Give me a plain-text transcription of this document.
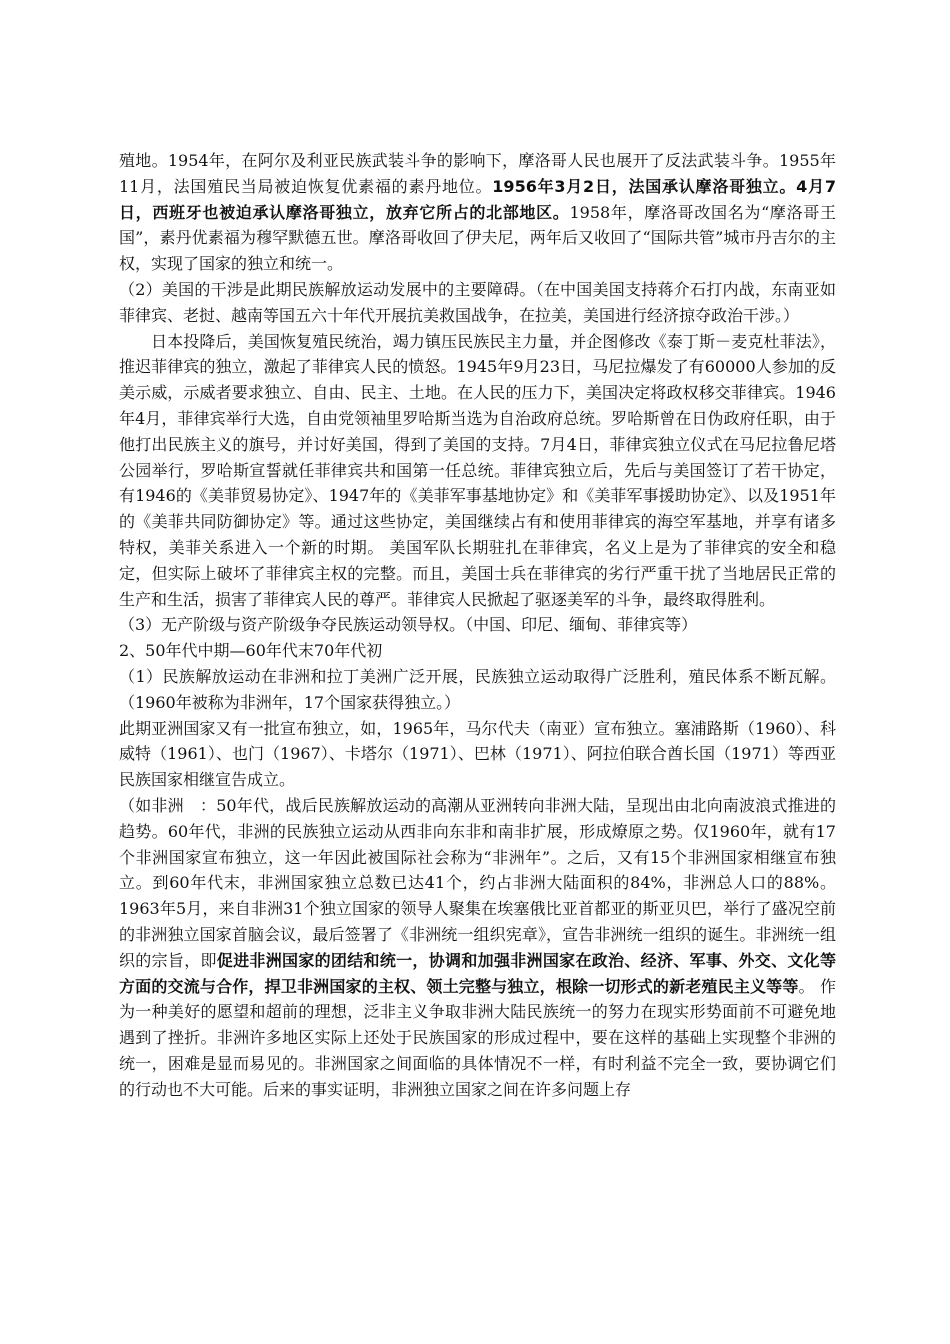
殖地。1954年，在阿尔及利亚民族武装斗争的影响下，摩洛哥人民也展开了反法武装斗争。1955年11月，法国殖民当局被迫恢复优素福的素丹地位。1956年3月2日，法国承认摩洛哥独立。4月7日，西班牙也被迫承认摩洛哥独立，放弃它所占的北部地区。1958年，摩洛哥改国名为“摩洛哥王国”，素丹优素福为穆罕默德五世。摩洛哥收回了伊夫尼，两年后又收回了“国际共管”城市丹吉尔的主权，实现了国家的独立和统一。

（2）美国的干涉是此期民族解放运动发展中的主要障碍。（在中国美国支持蒋介石打内战，东南亚如菲律宾、老挝、越南等国五六十年代开展抗美救国战争，在拉美，美国进行经济掠夺政治干涉。）

日本投降后，美国恢复殖民统治，竭力镇压民族民主力量，并企图修改《泰丁斯－麦克杜菲法》，推迟菲律宾的独立，激起了菲律宾人民的愤怒。1945年9月23日，马尼拉爆发了有60000人参加的反美示威，示威者要求独立、自由、民主、土地。在人民的压力下，美国决定将政权移交菲律宾。1946年4月，菲律宾举行大选，自由党领袖里罗哈斯当选为自治政府总统。罗哈斯曾在日伪政府任职，由于他打出民族主义的旗号，并讨好美国，得到了美国的支持。7月4日，菲律宾独立仪式在马尼拉鲁尼塔公园举行，罗哈斯宣誓就任菲律宾共和国第一任总统。菲律宾独立后，先后与美国签订了若干协定，有1946的《美菲贸易协定》、1947年的《美菲军事基地协定》和《美菲军事援助协定》、以及1951年的《美菲共同防御协定》等。通过这些协定，美国继续占有和使用菲律宾的海空军基地，并享有诸多特权，美菲关系进入一个新的时期。 美国军队长期驻扎在菲律宾，名义上是为了菲律宾的安全和稳定，但实际上破坏了菲律宾主权的完整。而且，美国士兵在菲律宾的劣行严重干扰了当地居民正常的生产和生活，损害了菲律宾人民的尊严。菲律宾人民掀起了驱逐美军的斗争，最终取得胜利。

（3）无产阶级与资产阶级争夺民族运动领导权。（中国、印尼、缅甸、菲律宾等）

2、50年代中期—60年代末70年代初

（1）民族解放运动在非洲和拉丁美洲广泛开展，民族独立运动取得广泛胜利，殖民体系不断瓦解。（1960年被称为非洲年，17个国家获得独立。）

此期亚洲国家又有一批宣布独立，如，1965年，马尔代夫（南亚）宣布独立。塞浦路斯（1960）、科威特（1961）、也门（1967）、卡塔尔（1971）、巴林（1971）、阿拉伯联合酋长国（1971）等西亚民族国家相继宣告成立。

（如非洲　：50年代，战后民族解放运动的高潮从亚洲转向非洲大陆，呈现出由北向南波浪式推进的趋势。60年代，非洲的民族独立运动从西非向东非和南非扩展，形成燎原之势。仅1960年，就有17个非洲国家宣布独立，这一年因此被国际社会称为“非洲年”。之后，又有15个非洲国家相继宣布独立。到60年代末，非洲国家独立总数已达41个，约占非洲大陆面积的84%，非洲总人口的88%。1963年5月，来自非洲31个独立国家的领导人聚集在埃塞俄比亚首都亚的斯亚贝巴，举行了盛况空前的非洲独立国家首脑会议，最后签署了《非洲统一组织宪章》，宣告非洲统一组织的诞生。非洲统一组织的宗旨，即促进非洲国家的团结和统一，协调和加强非洲国家在政治、经济、军事、外交、文化等方面的交流与合作，捍卫非洲国家的主权、领土完整与独立，根除一切形式的新老殖民主义等等。 作为一种美好的愿望和超前的理想，泛非主义争取非洲大陆民族统一的努力在现实形势面前不可避免地遇到了挫折。非洲许多地区实际上还处于民族国家的形成过程中，要在这样的基础上实现整个非洲的统一，困难是显而易见的。非洲国家之间面临的具体情况不一样，有时利益不完全一致，要协调它们的行动也不大可能。后来的事实证明，非洲独立国家之间在许多问题上存
